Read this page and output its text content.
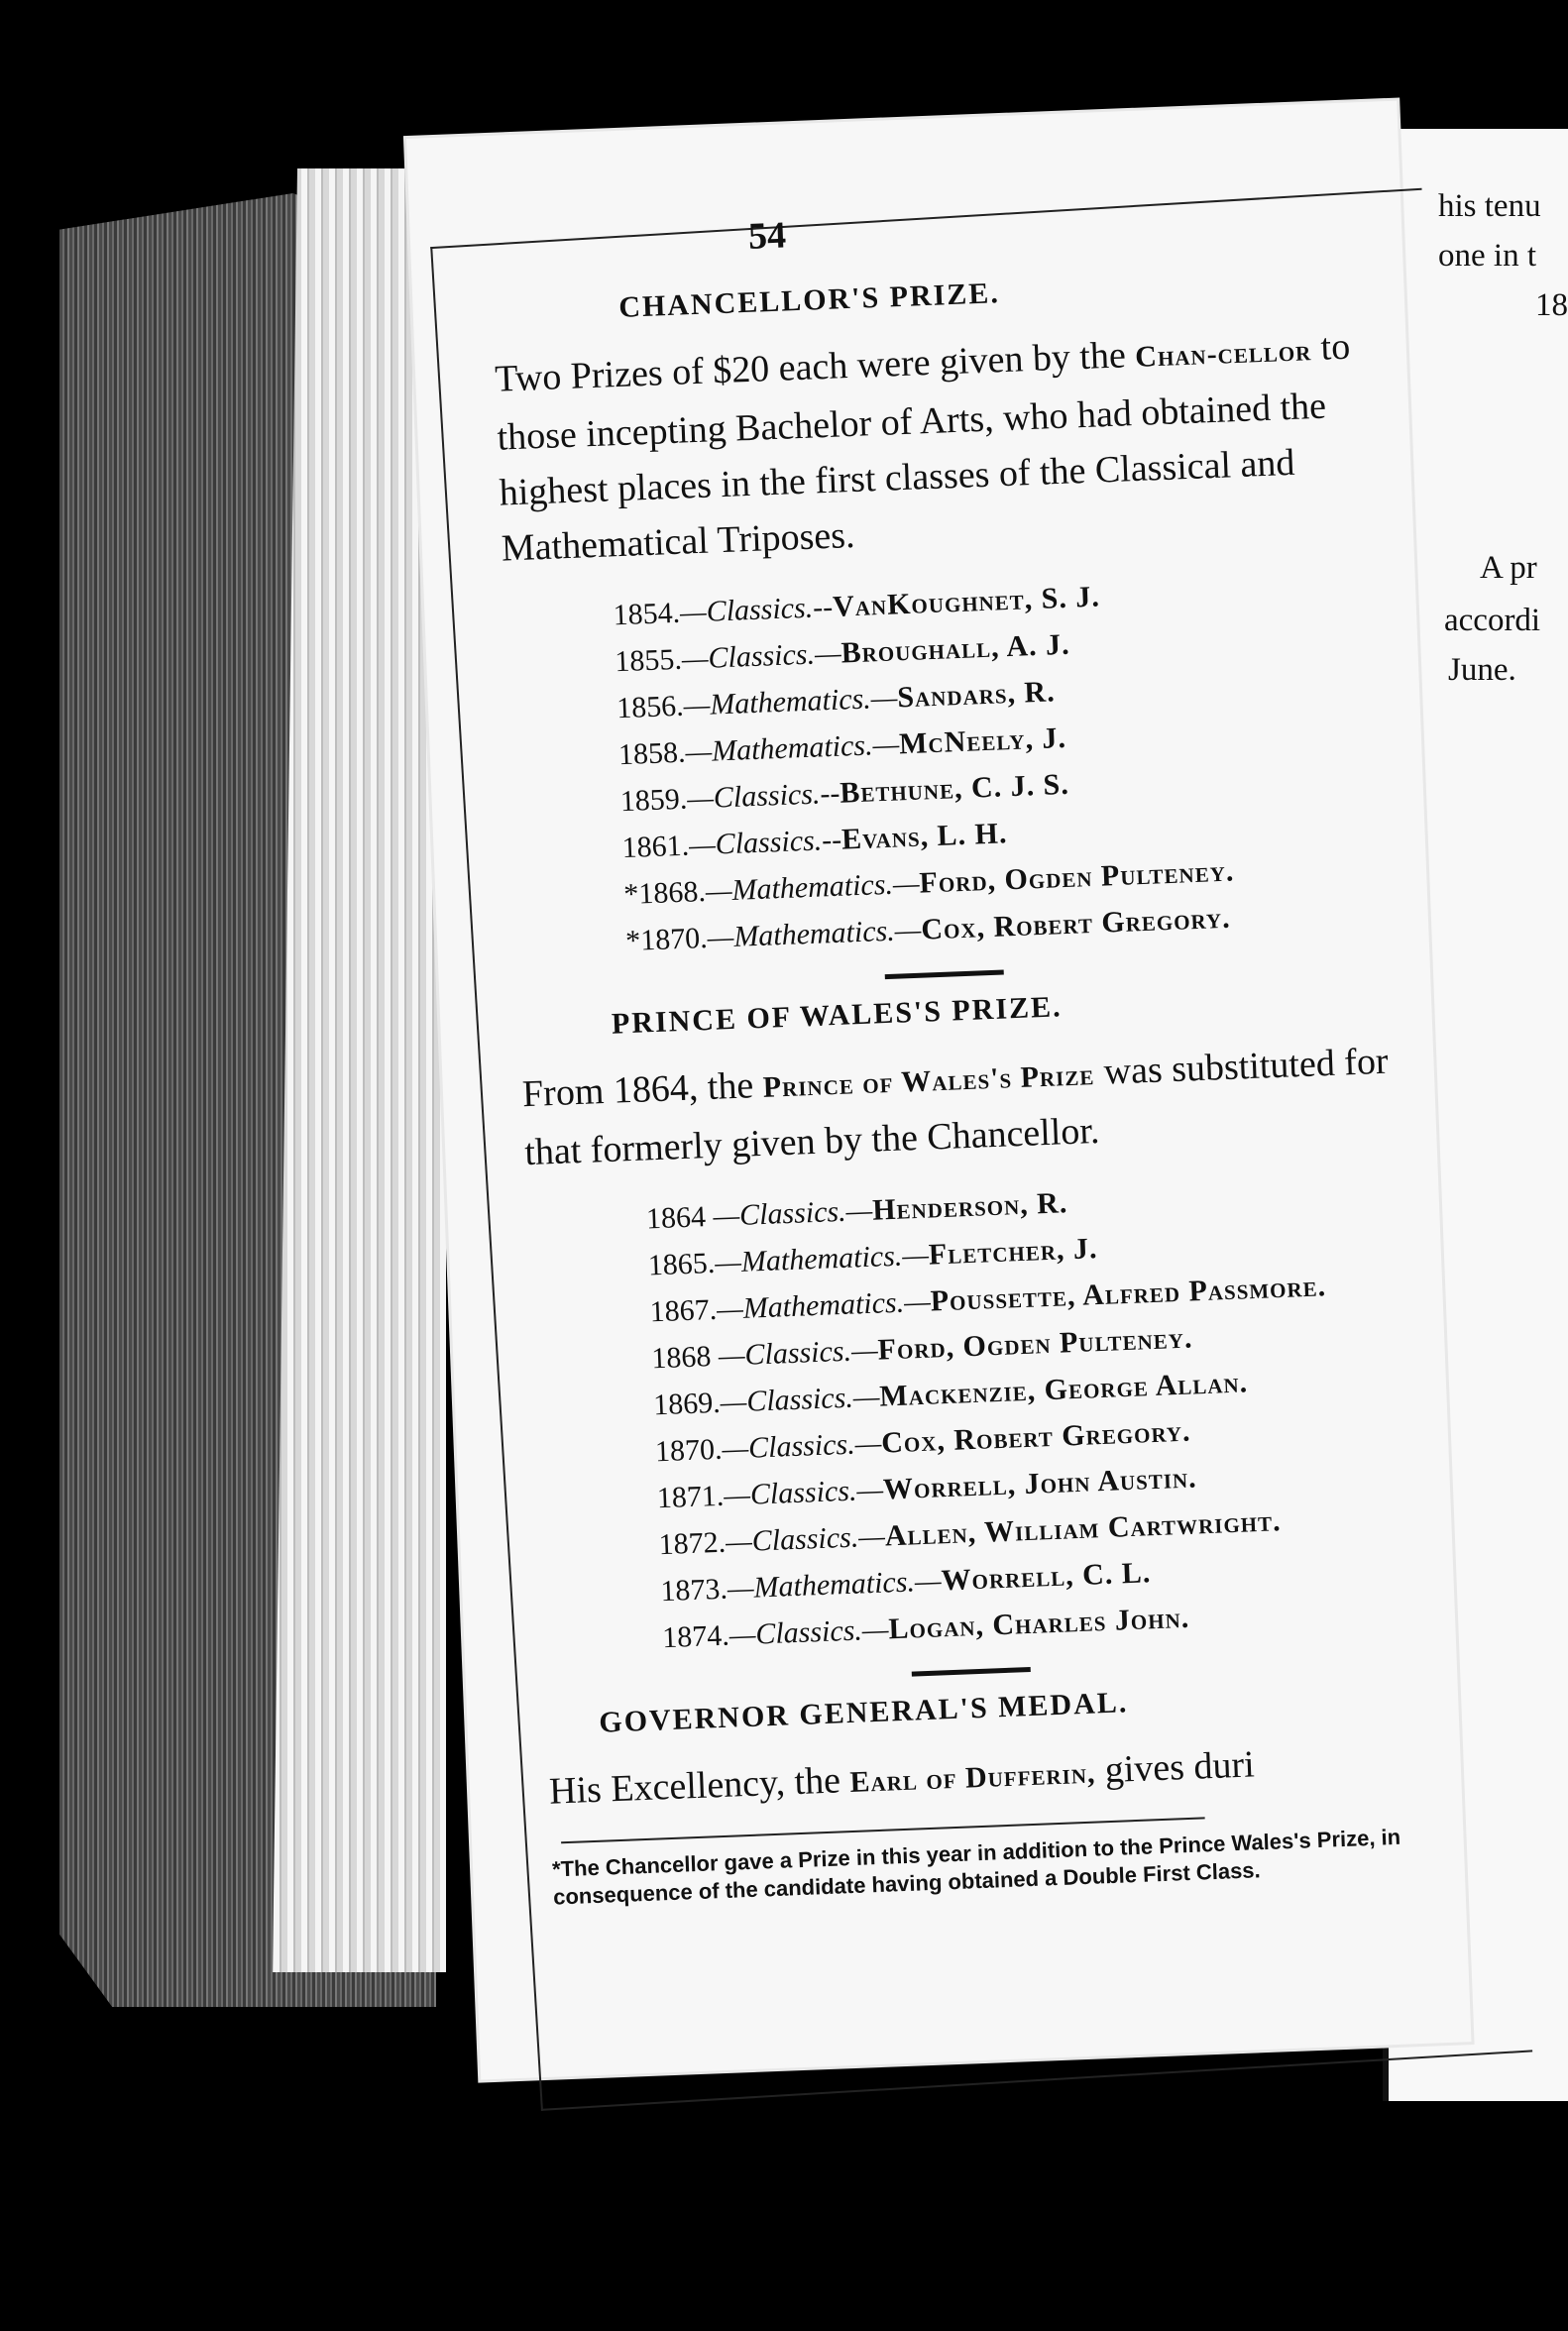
his tenu
one in t
18
A pr
accordi
June.
54
CHANCELLOR'S PRIZE.

Two Prizes of $20 each were given by the Chan-cellor to those incepting Bachelor of Arts, who had obtained the highest places in the first classes of the Classical and Mathematical Triposes.

1854.—Classics.--VanKoughnet, S. J.
1855.—Classics.—Broughall, A. J.
1856.—Mathematics.—Sandars, R.
1858.—Mathematics.—McNeely, J.
1859.—Classics.--Bethune, C. J. S.
1861.—Classics.--Evans, L. H.
*1868.—Mathematics.—Ford, Ogden Pulteney.
*1870.—Mathematics.—Cox, Robert Gregory.
PRINCE OF WALES'S PRIZE.

From 1864, the Prince of Wales's Prize was substituted for that formerly given by the Chancellor.

1864 —Classics.—Henderson, R.
1865.—Mathematics.—Fletcher, J.
1867.—Mathematics.—Poussette, Alfred Passmore.
1868 —Classics.—Ford, Ogden Pulteney.
1869.—Classics.—Mackenzie, George Allan.
1870.—Classics.—Cox, Robert Gregory.
1871.—Classics.—Worrell, John Austin.
1872.—Classics.—Allen, William Cartwright.
1873.—Mathematics.—Worrell, C. L.
1874.—Classics.—Logan, Charles John.
GOVERNOR GENERAL'S MEDAL.

His Excellency, the Earl of Dufferin, gives duri

*The Chancellor gave a Prize in this year in addition to the Prince Wales's Prize, in consequence of the candidate having obtained a Double First Class.
